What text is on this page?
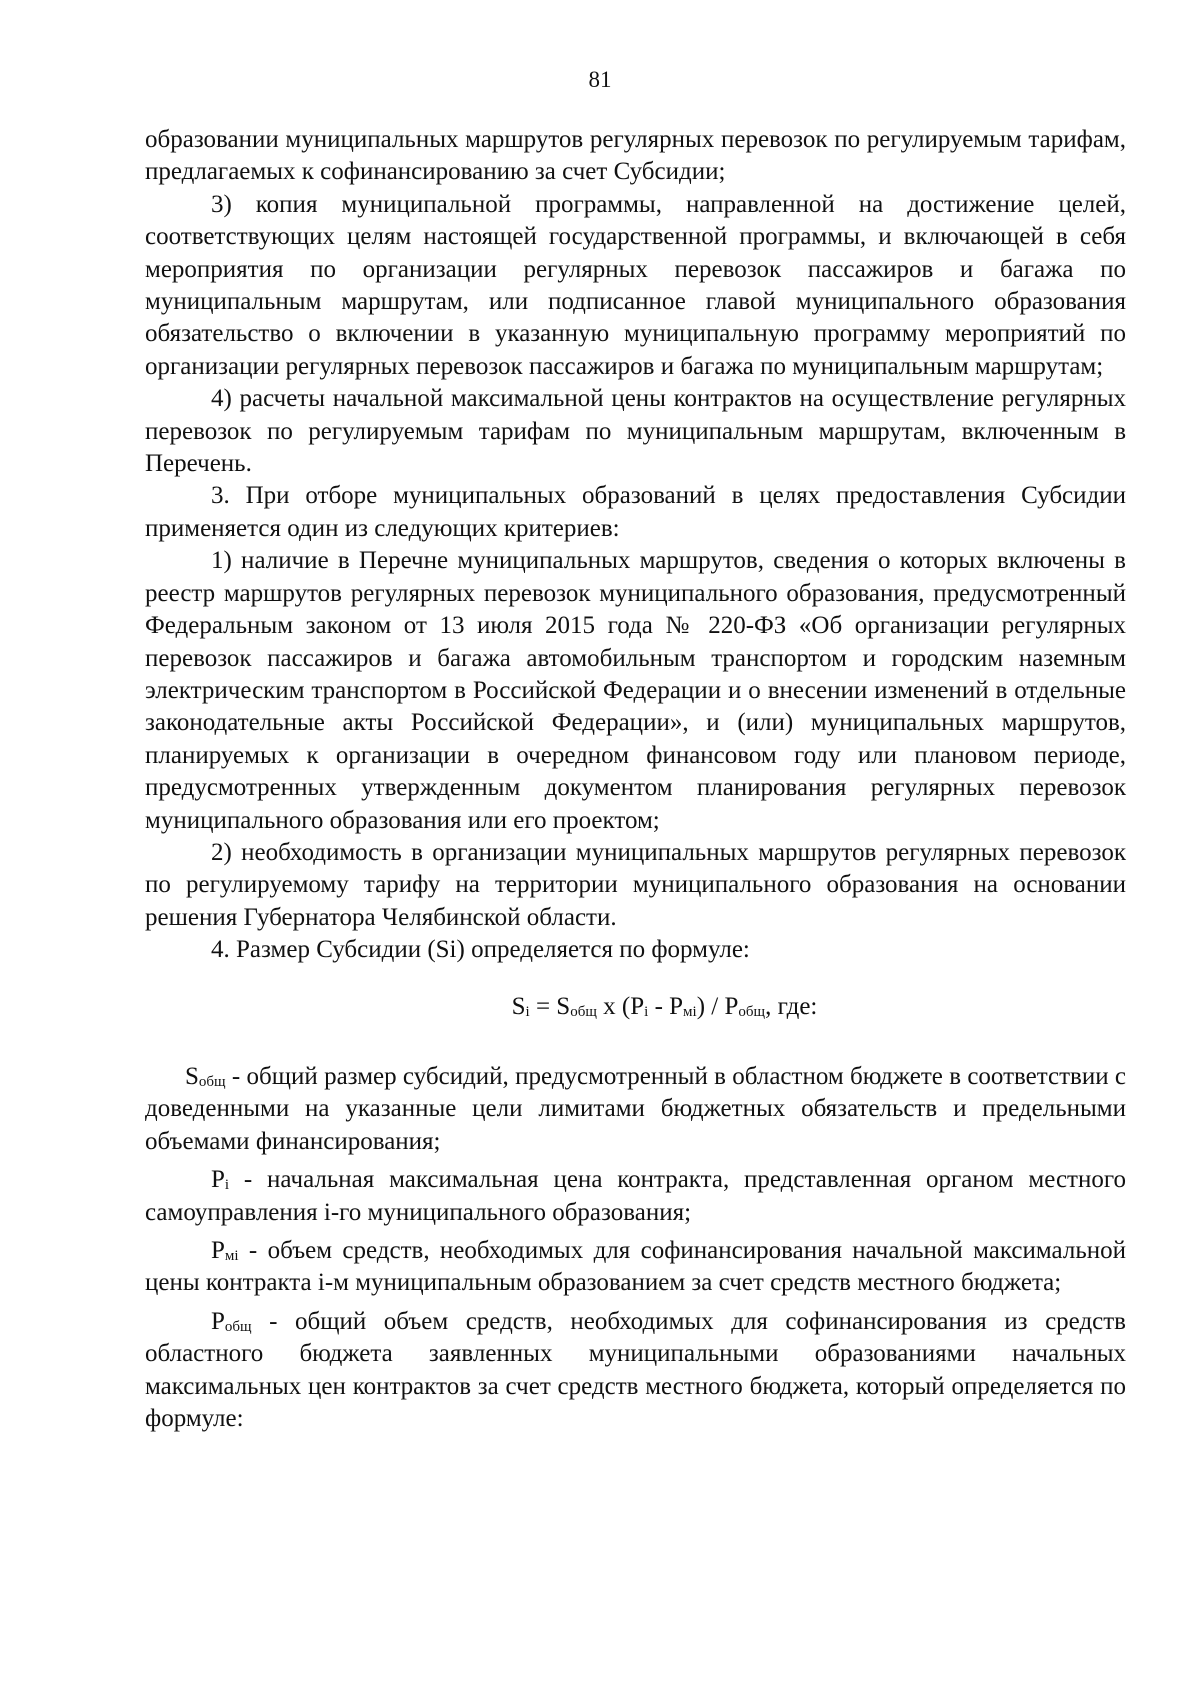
81

образовании муниципальных маршрутов регулярных перевозок по регулируемым тарифам, предлагаемых к софинансированию за счет Субсидии;

3) копия муниципальной программы, направленной на достижение целей, соответствующих целям настоящей государственной программы, и включающей в себя мероприятия по организации регулярных перевозок пассажиров и багажа по муниципальным маршрутам, или подписанное главой муниципального образования обязательство о включении в указанную муниципальную программу мероприятий по организации регулярных перевозок пассажиров и багажа по муниципальным маршрутам;

4) расчеты начальной максимальной цены контрактов на осуществление регулярных перевозок по регулируемым тарифам по муниципальным маршрутам, включенным в Перечень.

3. При отборе муниципальных образований в целях предоставления Субсидии применяется один из следующих критериев:

1) наличие в Перечне муниципальных маршрутов, сведения о которых включены в реестр маршрутов регулярных перевозок муниципального образования, предусмотренный Федеральным законом от 13 июля 2015 года № 220-ФЗ «Об организации регулярных перевозок пассажиров и багажа автомобильным транспортом и городским наземным электрическим транспортом в Российской Федерации и о внесении изменений в отдельные законодательные акты Российской Федерации», и (или) муниципальных маршрутов, планируемых к организации в очередном финансовом году или плановом периоде, предусмотренных утвержденным документом планирования регулярных перевозок муниципального образования или его проектом;

2) необходимость в организации муниципальных маршрутов регулярных перевозок по регулируемому тарифу на территории муниципального образования на основании решения Губернатора Челябинской области.

4. Размер Субсидии (Si) определяется по формуле:

$S_i = S_{общ}$ х $(P_i - P_{мi}) / P_{общ}$, где:

$S_{общ}$ - общий размер субсидий, предусмотренный в областном бюджете в соответствии с доведенными на указанные цели лимитами бюджетных обязательств и предельными объемами финансирования;

$P_i$ - начальная максимальная цена контракта, представленная органом местного самоуправления i-го муниципального образования;

$P_{мi}$ - объем средств, необходимых для софинансирования начальной максимальной цены контракта i-м муниципальным образованием за счет средств местного бюджета;

$P_{общ}$ - общий объем средств, необходимых для софинансирования из средств областного бюджета заявленных муниципальными образованиями начальных максимальных цен контрактов за счет средств местного бюджета, который определяется по формуле:
